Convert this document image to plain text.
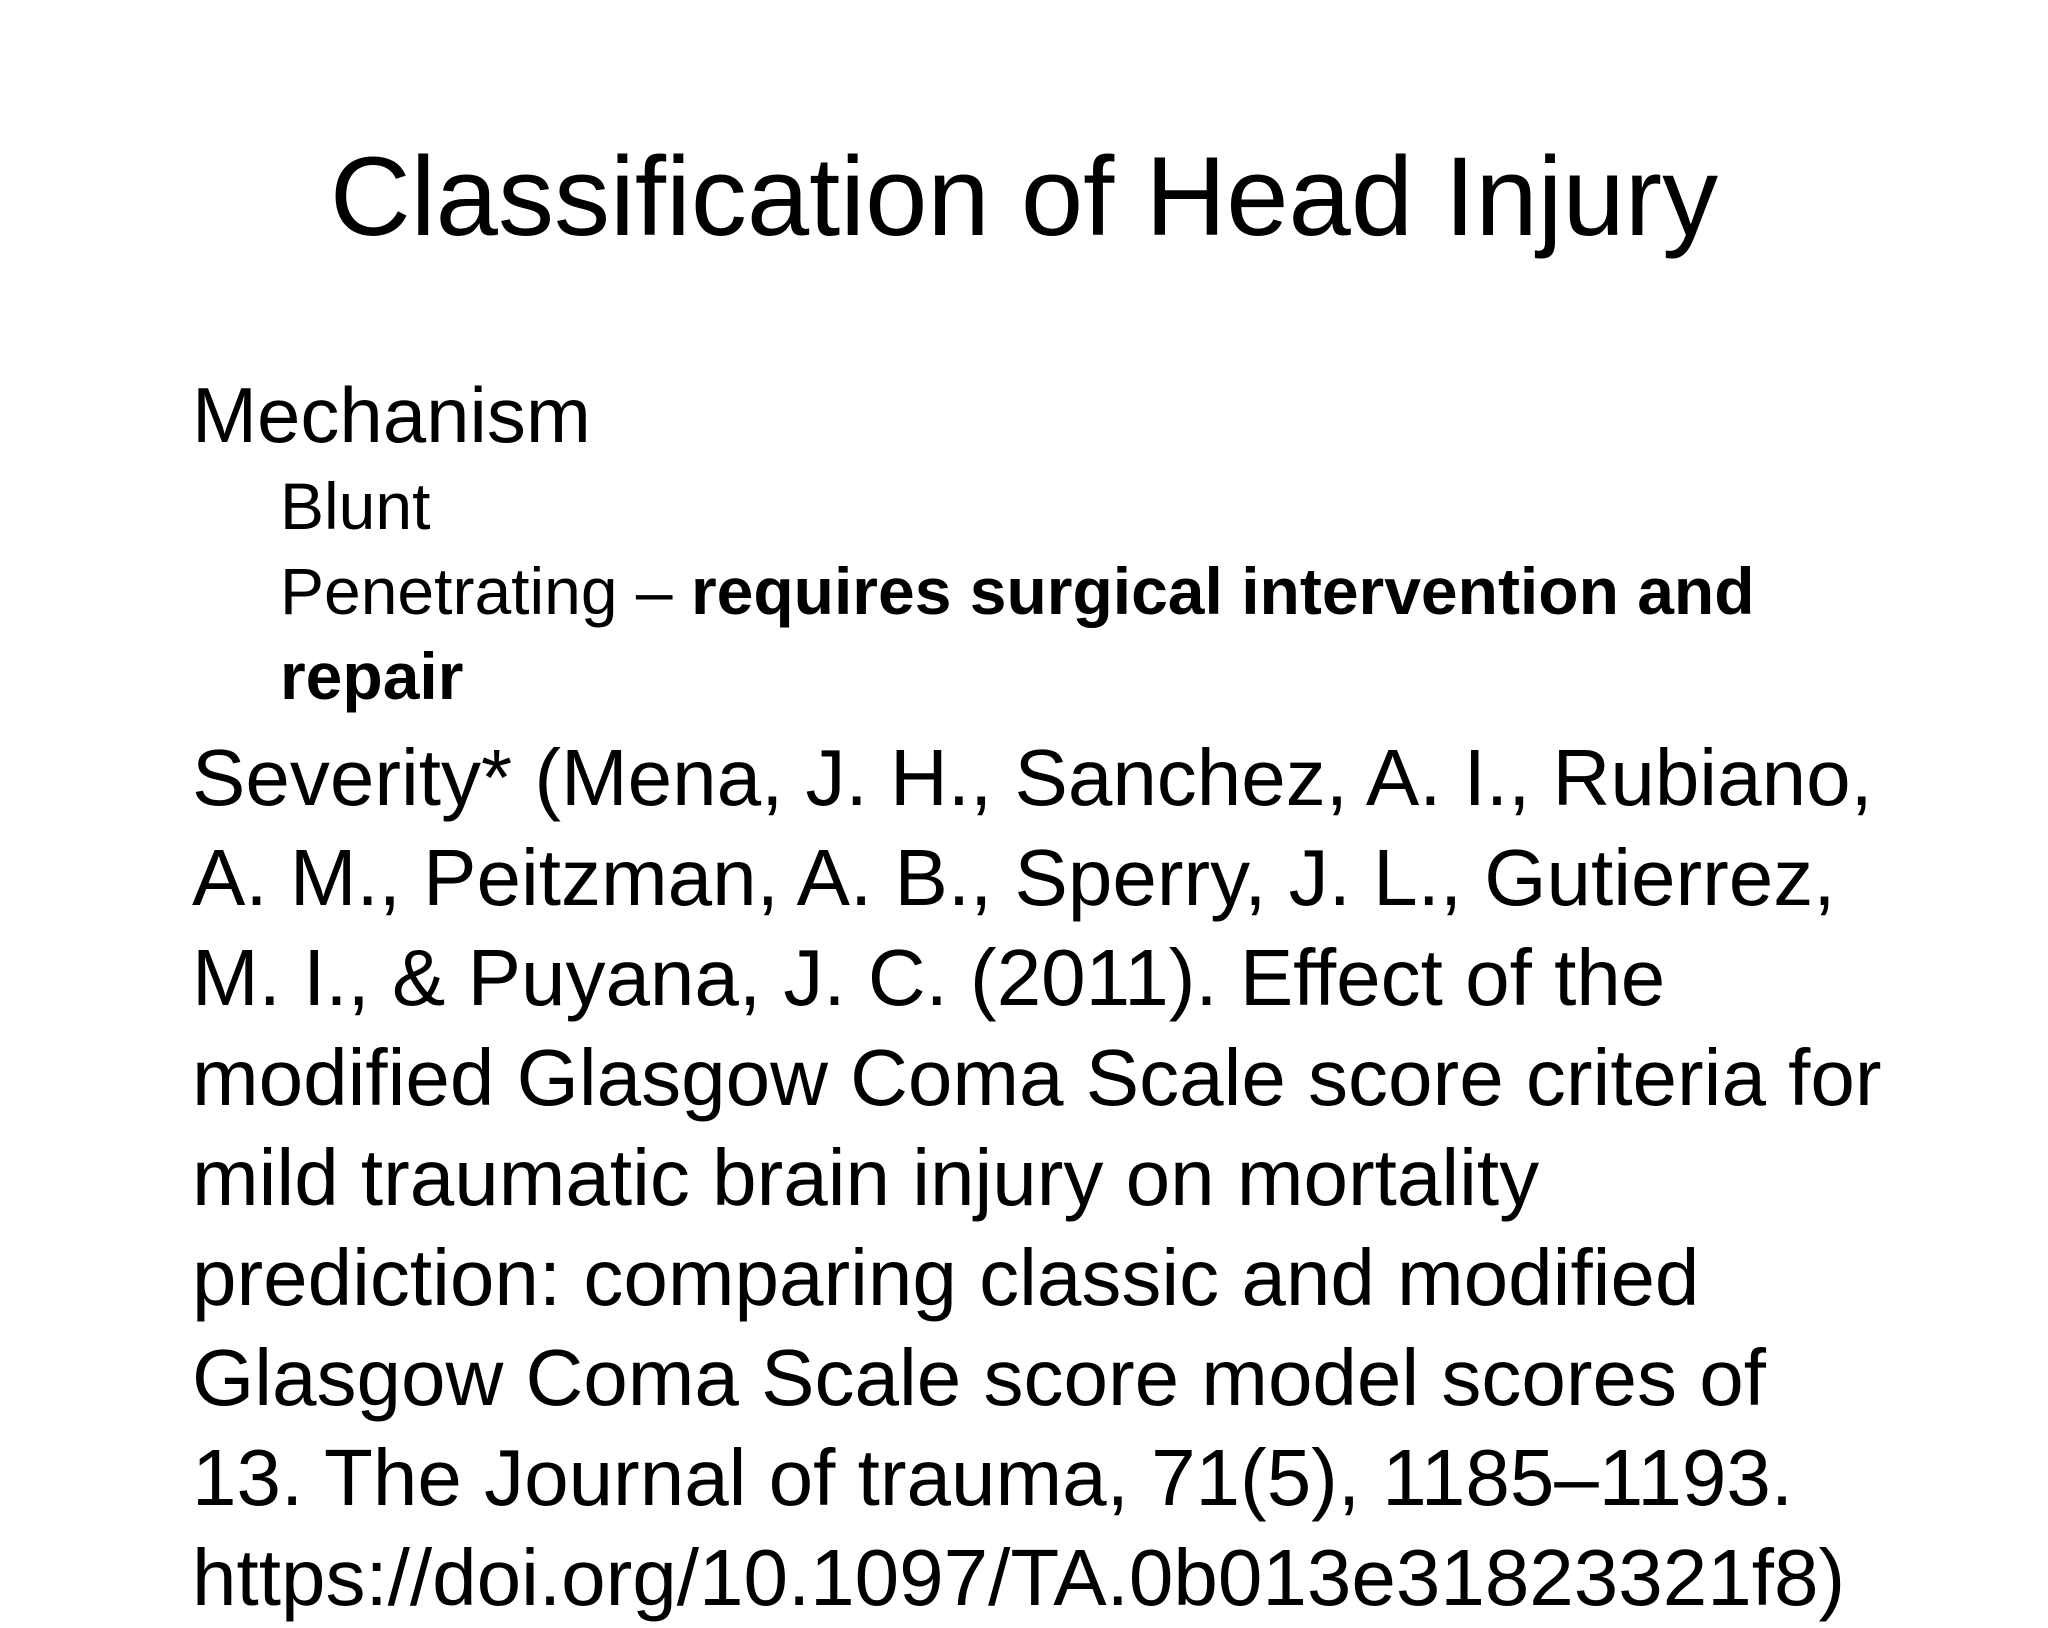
Classification of Head Injury
Mechanism
Blunt
Penetrating – requires surgical intervention and
repair
Severity* (Mena, J. H., Sanchez, A. I., Rubiano,
A. M., Peitzman, A. B., Sperry, J. L., Gutierrez,
M. I., & Puyana, J. C. (2011). Effect of the
modified Glasgow Coma Scale score criteria for
mild traumatic brain injury on mortality
prediction: comparing classic and modified
Glasgow Coma Scale score model scores of
13. The Journal of trauma, 71(5), 1185–1193.
https://doi.org/10.1097/TA.0b013e31823321f8)
